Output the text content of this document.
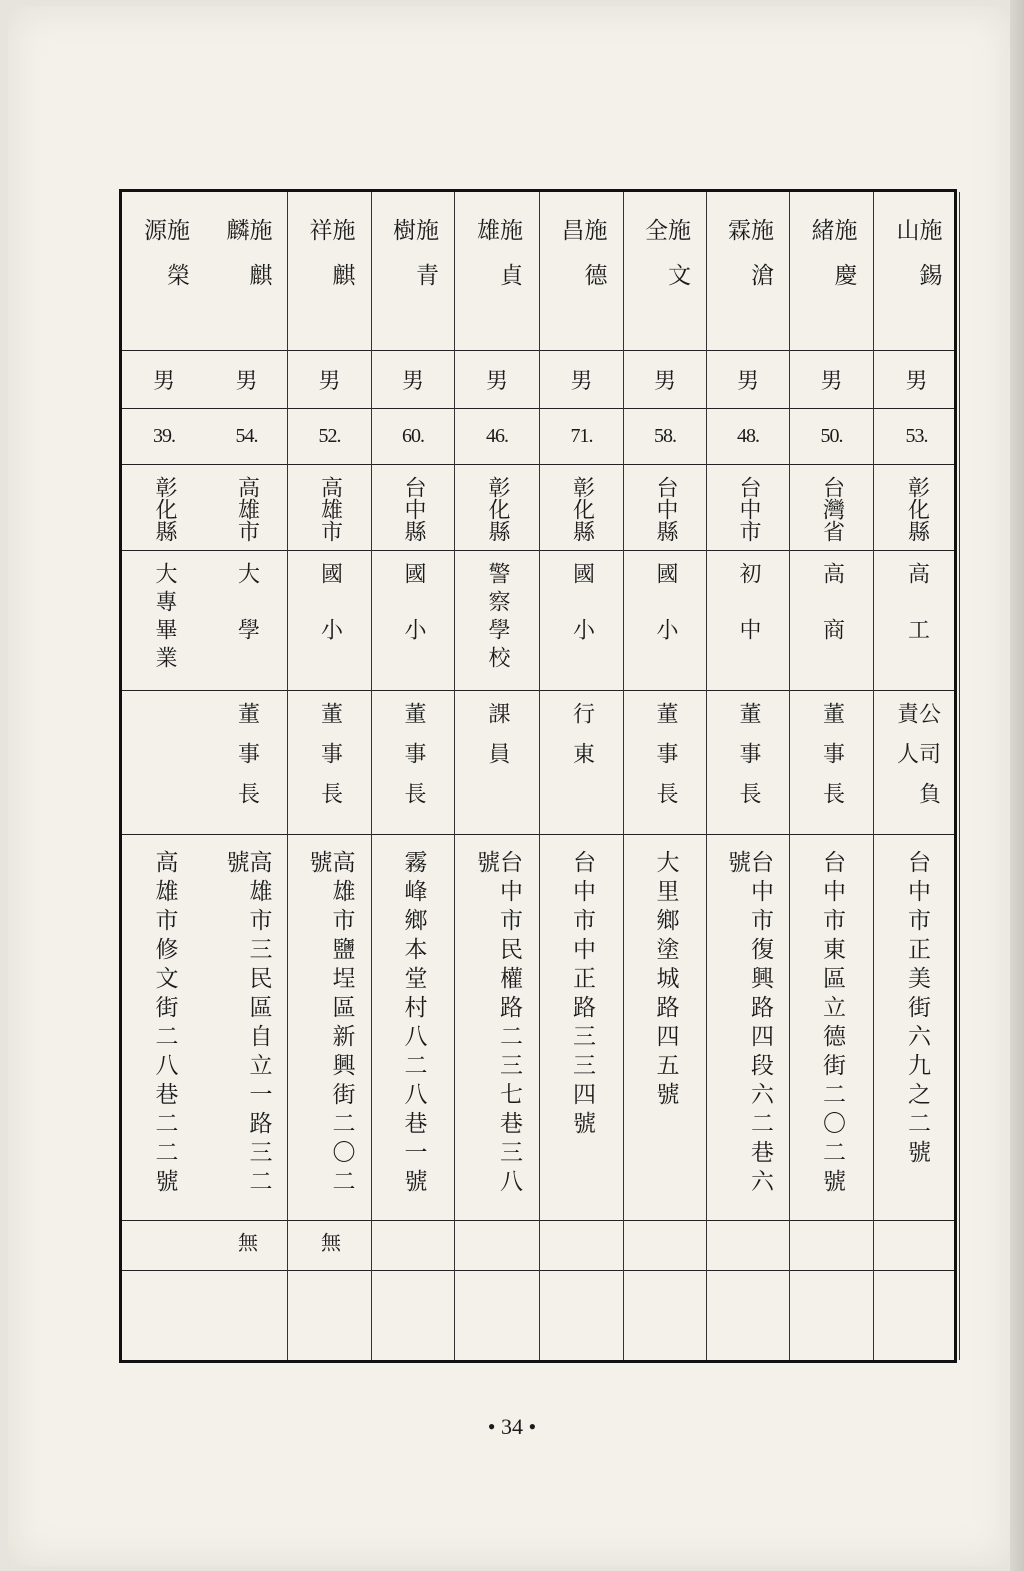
施錫山
男
53.
彰化縣
高　工
公司負責人
台中市正美街六九之二號
施慶緒
男
50.
台灣省
高　商
董事長
台中市東區立德街二〇二號
施滄霖
男
48.
台中市
初　中
董事長
台中市復興路四段六二巷六號
施文全
男
58.
台中縣
國　小
董事長
大里鄉塗城路四五號
施德昌
男
71.
彰化縣
國　小
行東
台中市中正路三三四號
施貞雄
男
46.
彰化縣
警察學校
課員
台中市民權路二三七巷三八號
施青樹
男
60.
台中縣
國　小
董事長
霧峰鄉本堂村八二八巷一號
施麒祥
男
52.
高雄市
國　小
董事長
高雄市鹽埕區新興街二〇二號
無
施麒麟
男
54.
高雄市
大　學
董事長
高雄市三民區自立一路三二號
無
施榮源
男
39.
彰化縣
大專畢業
高雄市修文街二八巷二二號
• 34 •
